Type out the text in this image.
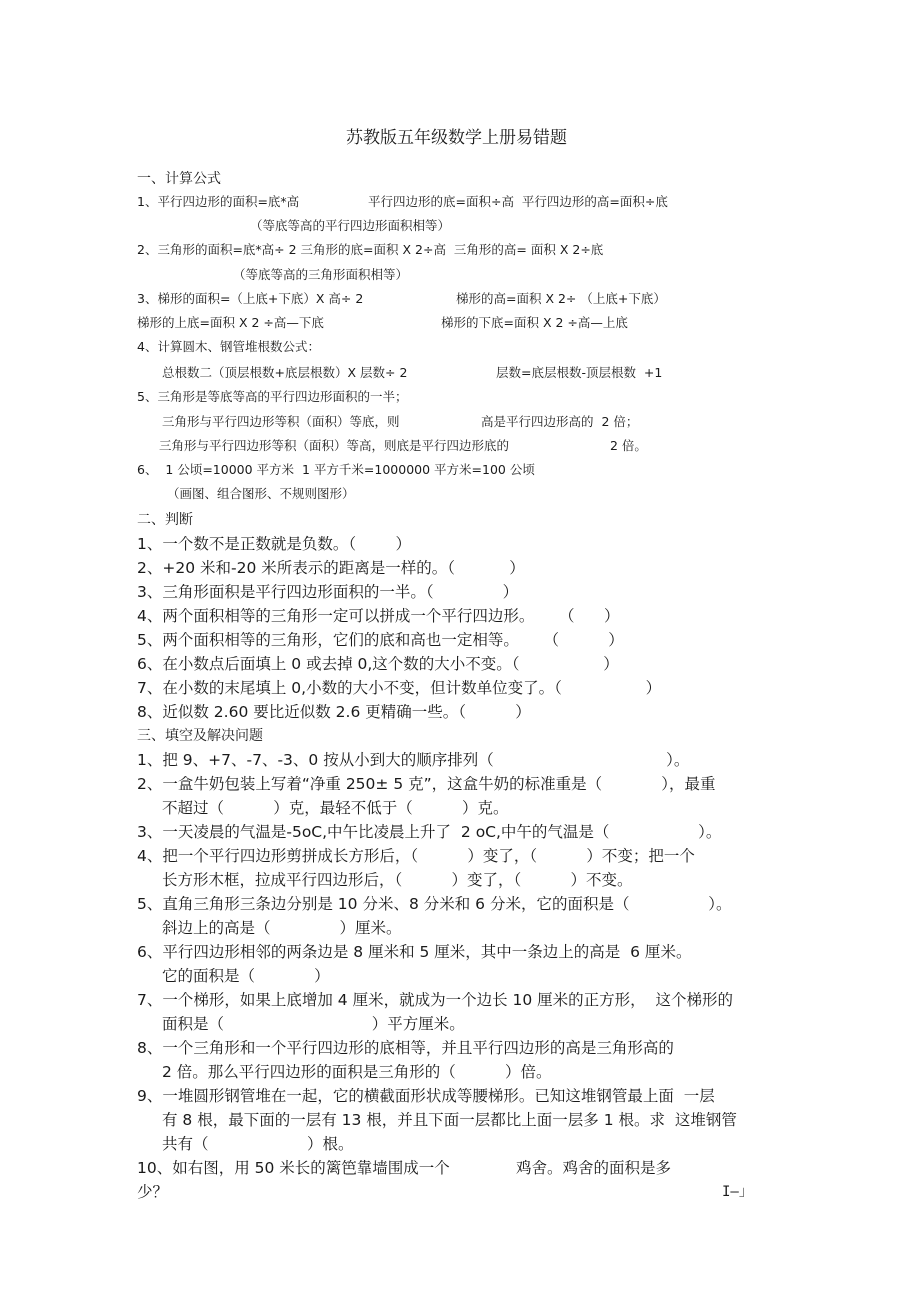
苏教版五年级数学上册易错题
一、计算公式
1、平行四边形的面积=底*高	平行四边形的底=面积÷高  平行四边形的高=面积÷底
（等底等高的平行四边形面积相等）
2、三角形的面积=底*高÷ 2 三角形的底=面积 X 2÷高  三角形的高= 面积 X 2÷底
（等底等高的三角形面积相等）
3、梯形的面积=（上底+下底）X 高÷ 2	梯形的高=面积 X 2÷ （上底+下底）
梯形的上底=面积 X 2 ÷高—下底	梯形的下底=面积 X 2 ÷高—上底
4、计算圆木、钢管堆根数公式：
总根数二（顶层根数+底层根数）X 层数÷ 2	层数=底层根数-顶层根数  +1
5、三角形是等底等高的平行四边形面积的一半；
三角形与平行四边形等积（面积）等底，则	高是平行四边形高的  2 倍；
三角形与平行四边形等积（面积）等高，则底是平行四边形底的	2 倍。
6、  1 公顷=10000 平方米  1 平方千米=1000000 平方米=100 公顷
（画图、组合图形、不规则图形）
二、判断
1、一个数不是正数就是负数。（        ）
2、+20 米和-20 米所表示的距离是一样的。（           ）
3、三角形面积是平行四边形面积的一半。（              ）
4、两个面积相等的三角形一定可以拼成一个平行四边形。     （      ）
5、两个面积相等的三角形，它们的底和高也一定相等。     （          ）
6、在小数点后面填上 0 或去掉 0,这个数的大小不变。（                 ）
7、在小数的末尾填上 0,小数的大小不变，但计数单位变了。（                 ）
8、近似数 2.60 要比近似数 2.6 更精确一些。（          ）
三、填空及解决问题
1、把 9、+7、-7、-3、0 按从小到大的顺序排列（                                   ）。
2、一盒牛奶包装上写着“净重 250± 5 克”，这盒牛奶的标准重是（            ），最重
不超过（          ）克，最轻不低于（          ）克。
3、一天凌晨的气温是-5oC,中午比凌晨上升了  2 oC,中午的气温是（                  ）。
4、把一个平行四边形剪拼成长方形后，（          ）变了，（          ）不变；把一个
长方形木框，拉成平行四边形后，（          ）变了，（          ）不变。
5、直角三角形三条边分别是 10 分米、8 分米和 6 分米，它的面积是（                ）。
斜边上的高是（              ）厘米。
6、平行四边形相邻的两条边是 8 厘米和 5 厘米，其中一条边上的高是  6 厘米。
它的面积是（            ）
7、一个梯形，如果上底增加 4 厘米，就成为一个边长 10 厘米的正方形，  这个梯形的
面积是（                              ）平方厘米。
8、一个三角形和一个平行四边形的底相等，并且平行四边形的高是三角形高的
2 倍。那么平行四边形的面积是三角形的（          ）倍。
9、一堆圆形钢管堆在一起，它的横截面形状成等腰梯形。已知这堆钢管最上面  一层
有 8 根，最下面的一层有 13 根，并且下面一层都比上面一层多 1 根。求  这堆钢管
共有（                    ）根。
10、如右图，用 50 米长的篱笆靠墙围成一个	鸡舍。鸡舍的面积是多
少？	I—」
